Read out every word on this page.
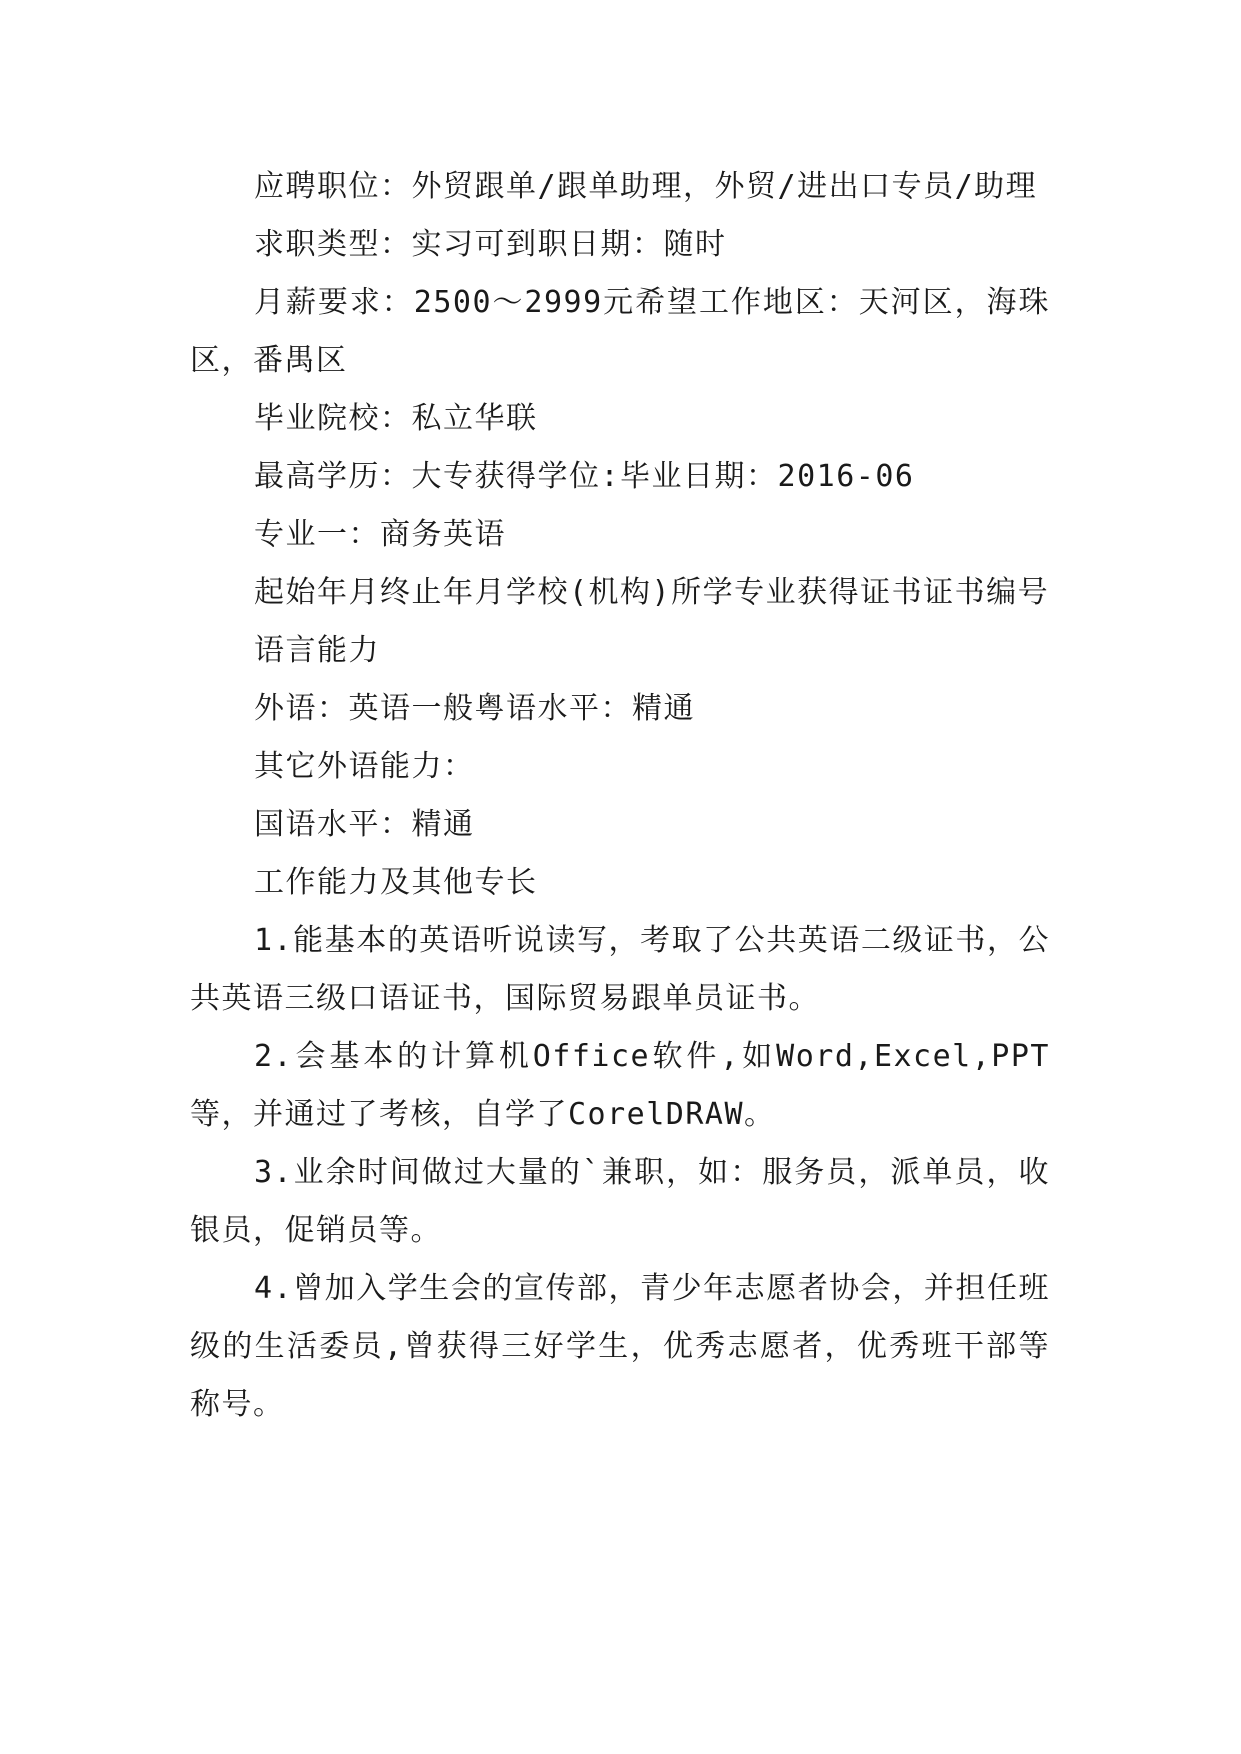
应聘职位：外贸跟单/跟单助理，外贸/进出口专员/助理

求职类型：实习可到职日期：随时

月薪要求：2500～2999元希望工作地区：天河区，海珠区，番禺区

毕业院校：私立华联

最高学历：大专获得学位:毕业日期：2016-06

专业一：商务英语

起始年月终止年月学校(机构)所学专业获得证书证书编号

语言能力

外语：英语一般粤语水平：精通

其它外语能力：

国语水平：精通

工作能力及其他专长

1.能基本的英语听说读写，考取了公共英语二级证书，公共英语三级口语证书，国际贸易跟单员证书。

2.会基本的计算机Office软件,如Word,Excel,PPT等，并通过了考核，自学了CorelDRAW。

3.业余时间做过大量的`兼职，如：服务员，派单员，收银员，促销员等。

4.曾加入学生会的宣传部，青少年志愿者协会，并担任班级的生活委员,曾获得三好学生，优秀志愿者，优秀班干部等称号。
